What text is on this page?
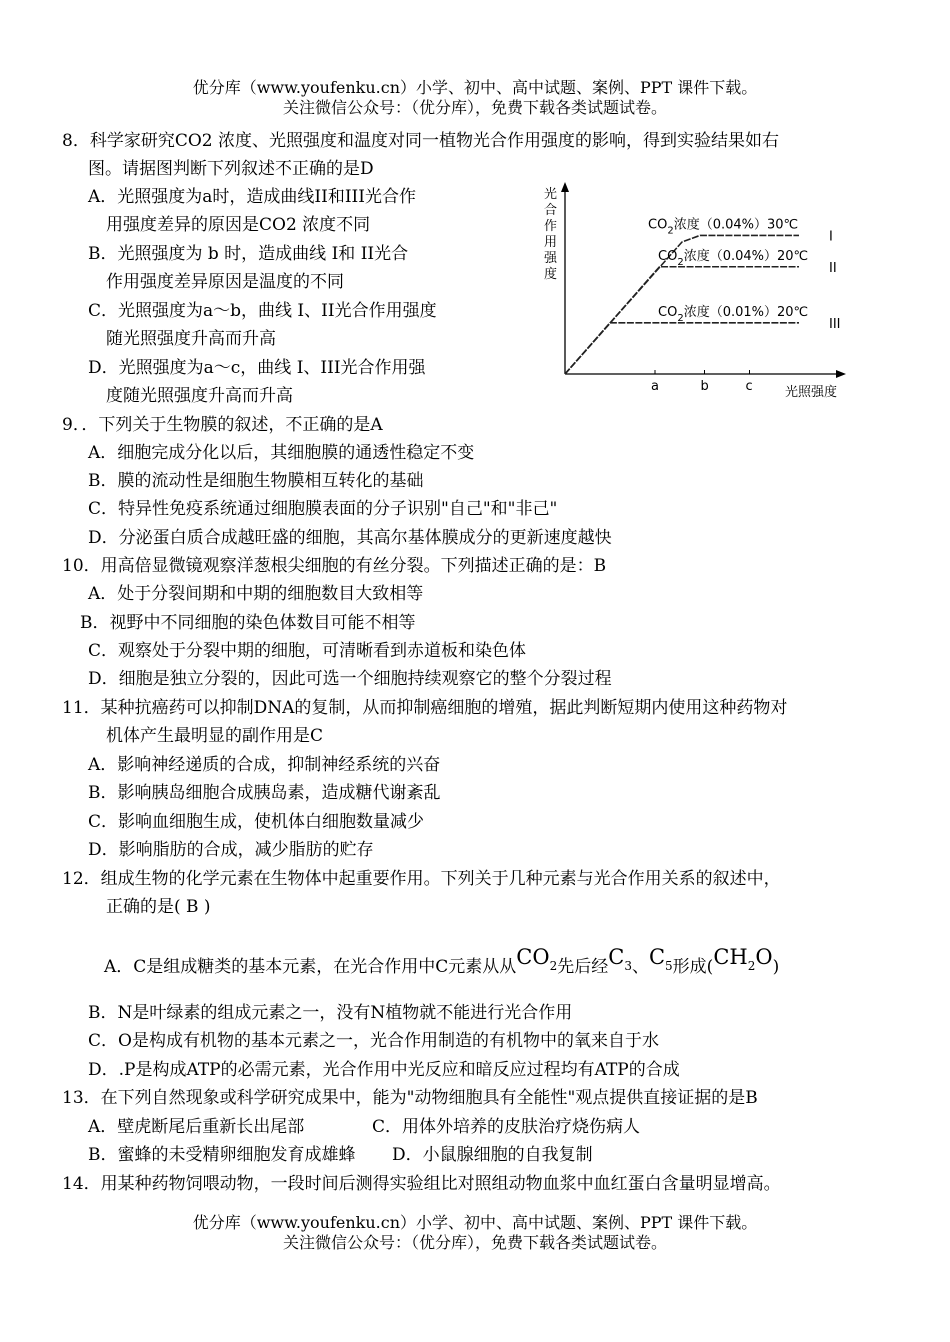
优分库（www.youfenku.cn）小学、初中、高中试题、案例、PPT 课件下载。
关注微信公众号：（优分库），免费下载各类试题试卷。
8．科学家研究CO2 浓度、光照强度和温度对同一植物光合作用强度的影响，得到实验结果如右
图。请据图判断下列叙述不正确的是D
A．光照强度为a时，造成曲线II和III光合作
用强度差异的原因是CO2 浓度不同
B．光照强度为 b 时，造成曲线 I和 II光合
作用强度差异原因是温度的不同
C．光照强度为a～b，曲线 I、II光合作用强度
随光照强度升高而升高
D．光照强度为a～c，曲线 I、III光合作用强
度随光照强度升高而升高
光
合
作
用
强
度
I
$CO_2$浓度（0.04%）30℃
II
$CO_2$浓度（0.04%）20℃
III
$CO_2$浓度（0.01%）20℃
a	b	c 光照强度
9．．下列关于生物膜的叙述，不正确的是A
A．细胞完成分化以后，其细胞膜的通透性稳定不变
B．膜的流动性是细胞生物膜相互转化的基础
C．特异性免疫系统通过细胞膜表面的分子识别"自己"和"非己"
D．分泌蛋白质合成越旺盛的细胞，其高尔基体膜成分的更新速度越快
10．用高倍显微镜观察洋葱根尖细胞的有丝分裂。下列描述正确的是：B
A．处于分裂间期和中期的细胞数目大致相等
B．视野中不同细胞的染色体数目可能不相等
C．观察处于分裂中期的细胞，可清晰看到赤道板和染色体
D．细胞是独立分裂的，因此可选一个细胞持续观察它的整个分裂过程
11．某种抗癌药可以抑制DNA的复制，从而抑制癌细胞的增殖，据此判断短期内使用这种药物对
机体产生最明显的副作用是C
A．影响神经递质的合成，抑制神经系统的兴奋
B．影响胰岛细胞合成胰岛素，造成糖代谢紊乱
C．影响血细胞生成，使机体白细胞数量减少
D．影响脂肪的合成，减少脂肪的贮存
12．组成生物的化学元素在生物体中起重要作用。下列关于几种元素与光合作用关系的叙述中，
正确的是( B )
A．C是组成糖类的基本元素，在光合作用中C元素从从CO2先后经C3、C5形成(CH2O)
B．N是叶绿素的组成元素之一，没有N植物就不能进行光合作用
C．O是构成有机物的基本元素之一，光合作用制造的有机物中的氧来自于水
D．.P是构成ATP的必需元素，光合作用中光反应和暗反应过程均有ATP的合成
13．在下列自然现象或科学研究成果中，能为"动物细胞具有全能性"观点提供直接证据的是B
A．壁虎断尾后重新长出尾部	C．用体外培养的皮肤治疗烧伤病人
B．蜜蜂的未受精卵细胞发育成雄蜂 D．小鼠腺细胞的自我复制
14．用某种药物饲喂动物，一段时间后测得实验组比对照组动物血浆中血红蛋白含量明显增高。
优分库（www.youfenku.cn）小学、初中、高中试题、案例、PPT 课件下载。
关注微信公众号：（优分库），免费下载各类试题试卷。
